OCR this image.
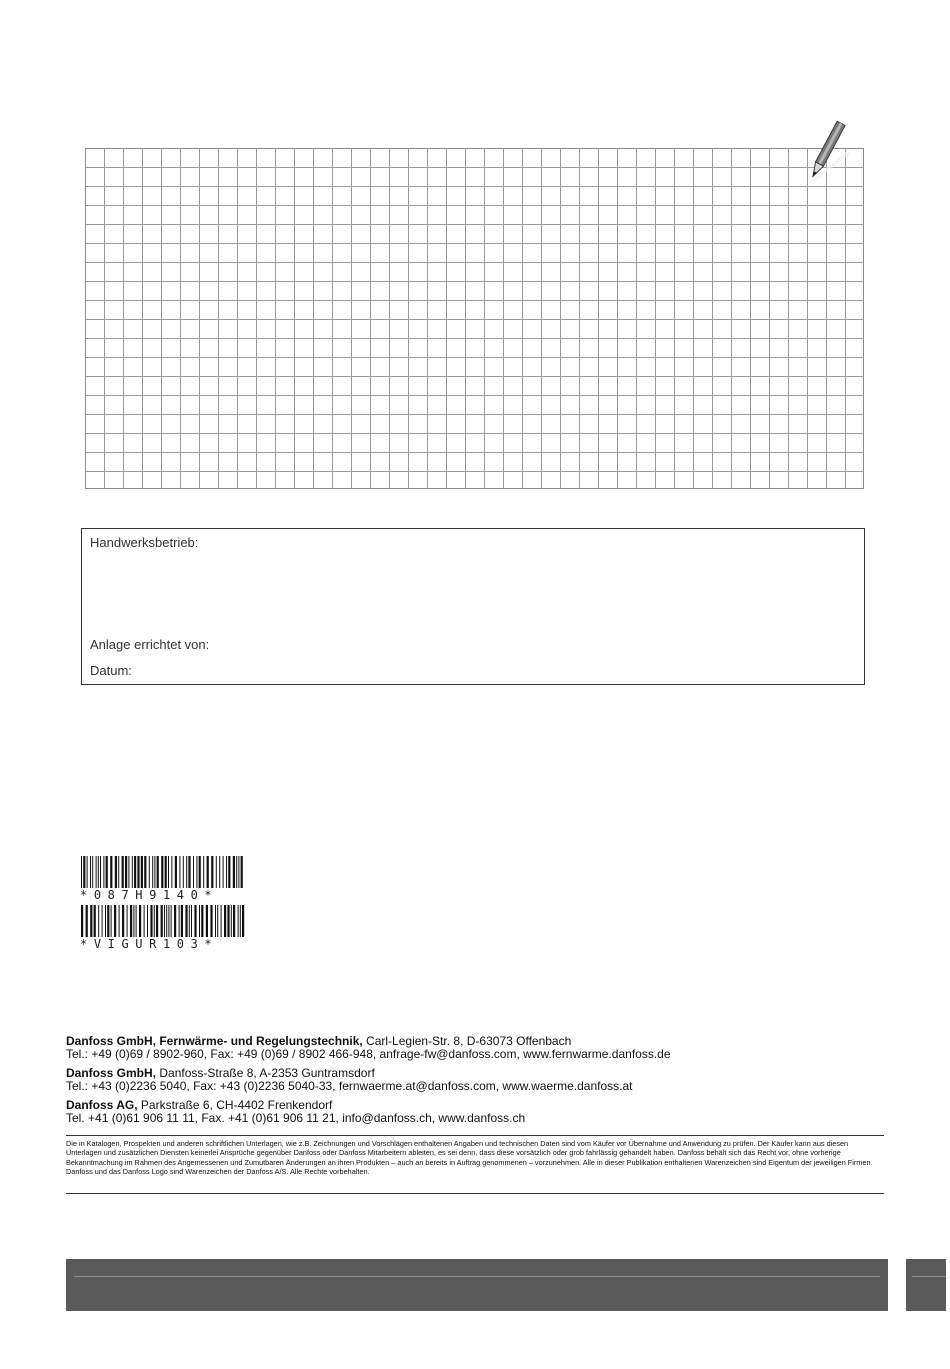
Handwerksbetrieb:
Anlage errichtet von:
Datum:
*087H9140*
*VIGUR103*
Danfoss GmbH, Fernwärme- und Regelungstechnik, Carl-Legien-Str. 8, D-63073 Offenbach
Tel.: +49 (0)69 / 8902-960, Fax: +49 (0)69 / 8902 466-948, anfrage-fw@danfoss.com, www.fernwarme.danfoss.de
Danfoss GmbH, Danfoss-Straße 8, A-2353 Guntramsdorf
Tel.: +43 (0)2236 5040, Fax: +43 (0)2236 5040-33, fernwaerme.at@danfoss.com, www.waerme.danfoss.at
Danfoss AG, Parkstraße 6, CH-4402 Frenkendorf
Tel. +41 (0)61 906 11 11, Fax. +41 (0)61 906 11 21, info@danfoss.ch, www.danfoss.ch
Die in Katalogen, Prospekten und anderen schriftlichen Unterlagen, wie z.B. Zeichnungen und Vorschlägen enthaltenen Angaben und technischen Daten sind vom Käufer vor Übernahme und Anwendung zu prüfen. Der Käufer kann aus diesen Unterlagen und zusätzlichen Diensten keinerlei Ansprüche gegenüber Danfoss oder Danfoss Mitarbeitern ableiten, es sei denn, dass diese vorsätzlich oder grob fahrlässig gehandelt haben. Danfoss behält sich das Recht vor, ohne vorherige Bekanntmachung im Rahmen des Angemessenen und Zumutbaren Änderungen an ihren Produkten – auch an bereits in Auftrag genommenen – vorzunehmen. Alle in dieser Publikation enthaltenen Warenzeichen sind Eigentum der jeweiligen Firmen. Danfoss und das Danfoss Logo sind Warenzeichen der Danfoss A/S. Alle Rechte vorbehalten.
